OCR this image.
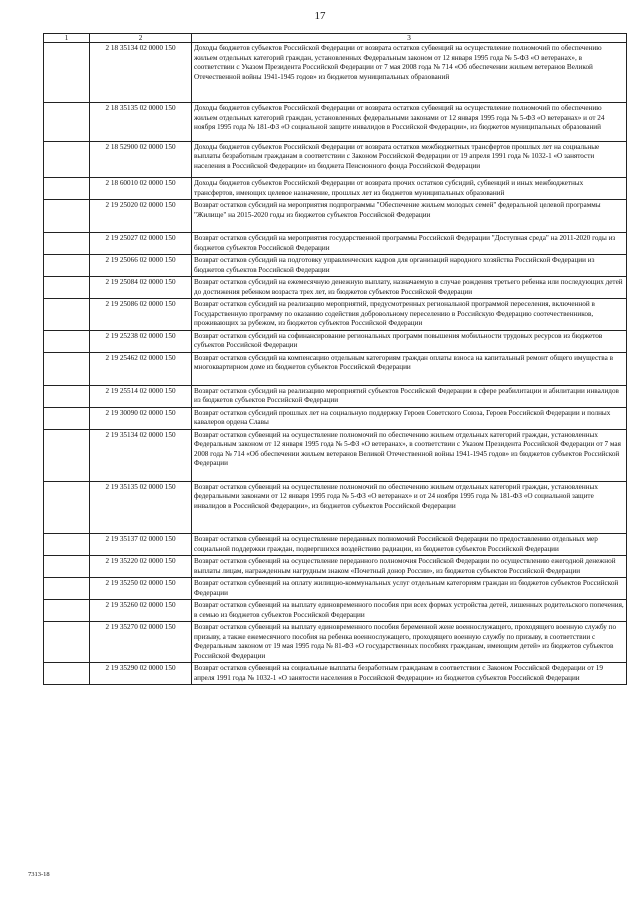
17
1	2	3
	2 18 35134 02 0000 150	Доходы бюджетов субъектов Российской Федерации от возврата остатков субвенций на осуществление полномочий по обеспечению жильем отдельных категорий граждан, установленных Федеральным законом от 12 января 1995 года № 5-ФЗ «О ветеранах», в соответствии с Указом Президента Российской Федерации от 7 мая 2008 года № 714 «Об обеспечении жильем ветеранов Великой Отечественной войны 1941-1945 годов» из бюджетов муниципальных образований
	2 18 35135 02 0000 150	Доходы бюджетов субъектов Российской Федерации от возврата остатков субвенций на осуществление полномочий по обеспечению жильем отдельных категорий граждан, установленных федеральными законами от 12 января 1995 года № 5-ФЗ «О ветеранах» и от 24 ноября 1995 года № 181-ФЗ «О социальной защите инвалидов в Российской Федерации», из бюджетов муниципальных образований
	2 18 52900 02 0000 150	Доходы бюджетов субъектов Российской Федерации от возврата остатков межбюджетных трансфертов прошлых лет на социальные выплаты безработным гражданам в соответствии с Законом Российской Федерации от 19 апреля 1991 года № 1032-1 «О занятости населения в Российской Федерации» из бюджета Пенсионного фонда Российской Федерации
	2 18 60010 02 0000 150	Доходы бюджетов субъектов Российской Федерации от возврата прочих остатков субсидий, субвенций и иных межбюджетных трансфертов, имеющих целевое назначение, прошлых лет из бюджетов муниципальных образований
	2 19 25020 02 0000 150	Возврат остатков субсидий на мероприятия подпрограммы "Обеспечение жильем молодых семей" федеральной целевой программы "Жилище" на 2015-2020 годы из бюджетов субъектов Российской Федерации
	2 19 25027 02 0000 150	Возврат остатков субсидий на мероприятия государственной программы Российской Федерации "Доступная среда" на 2011-2020 годы из бюджетов субъектов Российской Федерации
	2 19 25066 02 0000 150	Возврат остатков субсидий на подготовку управленческих кадров для организаций народного хозяйства Российской Федерации из бюджетов субъектов Российской Федерации
	2 19 25084 02 0000 150	Возврат остатков субсидий на ежемесячную денежную выплату, назначаемую в случае рождения третьего ребенка или последующих детей до достижения ребенком возраста трех лет, из бюджетов субъектов Российской Федерации
	2 19 25086 02 0000 150	Возврат остатков субсидий на реализацию мероприятий, предусмотренных региональной программой переселения, включенной в Государственную программу по оказанию содействия добровольному переселению в Российскую Федерацию соотечественников, проживающих за рубежом, из бюджетов субъектов Российской Федерации
	2 19 25238 02 0000 150	Возврат остатков субсидий на софинансирование региональных программ повышения мобильности трудовых ресурсов из бюджетов субъектов Российской Федерации
	2 19 25462 02 0000 150	Возврат остатков субсидий на компенсацию отдельным категориям граждан оплаты взноса на капитальный ремонт общего имущества в многоквартирном доме из бюджетов субъектов Российской Федерации
	2 19 25514 02 0000 150	Возврат остатков субсидий на реализацию мероприятий субъектов Российской Федерации в сфере реабилитации и абилитации инвалидов из бюджетов субъектов Российской Федерации
	2 19 30090 02 0000 150	Возврат остатков субсидий прошлых лет на социальную поддержку Героев Советского Союза, Героев Российской Федерации и полных кавалеров ордена Славы
	2 19 35134 02 0000 150	Возврат остатков субвенций на осуществление полномочий по обеспечению жильем отдельных категорий граждан, установленных Федеральным законом от 12 января 1995 года № 5-ФЗ «О ветеранах», в соответствии с Указом Президента Российской Федерации от 7 мая 2008 года № 714 «Об обеспечении жильем ветеранов Великой Отечественной войны 1941-1945 годов» из бюджетов субъектов Российской Федерации
	2 19 35135 02 0000 150	Возврат остатков субвенций на осуществление полномочий по обеспечению жильем отдельных категорий граждан, установленных федеральными законами от 12 января 1995 года № 5-ФЗ «О ветеранах» и от 24 ноября 1995 года № 181-ФЗ «О социальной защите инвалидов в Российской Федерации», из бюджетов субъектов Российской Федерации
	2 19 35137 02 0000 150	Возврат остатков субвенций на осуществление переданных полномочий Российской Федерации по предоставлению отдельных мер социальной поддержки граждан, подвергшихся воздействию радиации, из бюджетов субъектов Российской Федерации
	2 19 35220 02 0000 150	Возврат остатков субвенций на осуществление переданного полномочия Российской Федерации по осуществлению ежегодной денежной выплаты лицам, награжденным нагрудным знаком «Почетный донор России», из бюджетов субъектов Российской Федерации
	2 19 35250 02 0000 150	Возврат остатков субвенций на оплату жилищно-коммунальных услуг отдельным категориям граждан из бюджетов субъектов Российской Федерации
	2 19 35260 02 0000 150	Возврат остатков субвенций на выплату единовременного пособия при всех формах устройства детей, лишенных родительского попечения, в семью из бюджетов субъектов Российской Федерации
	2 19 35270 02 0000 150	Возврат остатков субвенций на выплату единовременного пособия беременной жене военнослужащего, проходящего военную службу по призыву, а также ежемесячного пособия на ребенка военнослужащего, проходящего военную службу по призыву, в соответствии с Федеральным законом от 19 мая 1995 года № 81-ФЗ «О государственных пособиях гражданам, имеющим детей» из бюджетов субъектов Российской Федерации
	2 19 35290 02 0000 150	Возврат остатков субвенций на социальные выплаты безработным гражданам в соответствии с Законом Российской Федерации от 19 апреля 1991 года № 1032-1 «О занятости населения в Российской Федерации» из бюджетов субъектов Российской Федерации
7313-18
